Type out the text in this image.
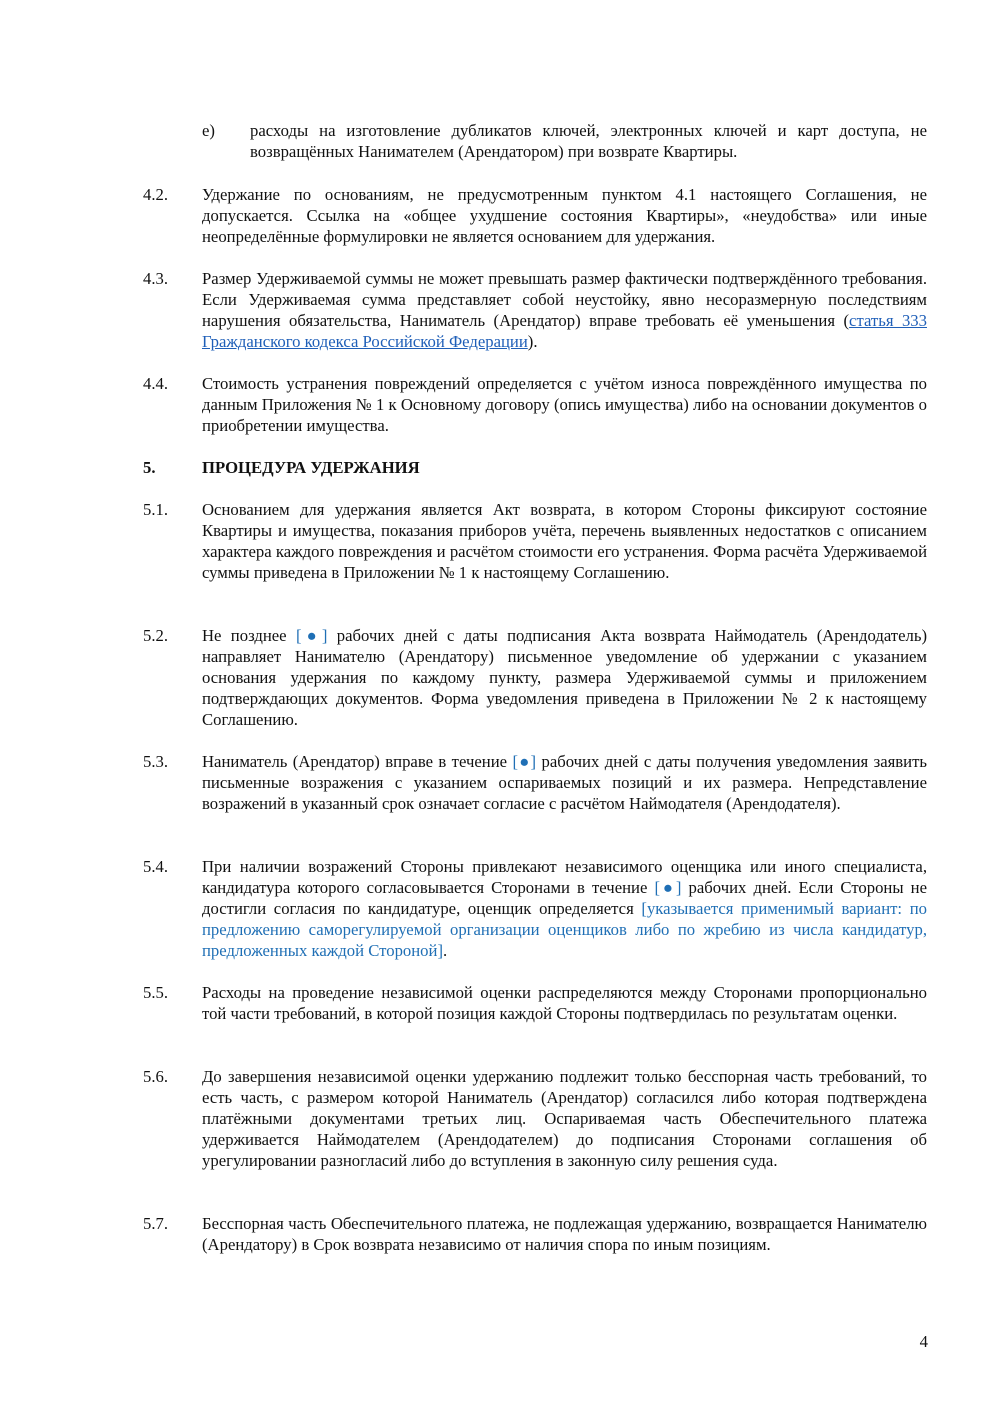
e) расходы на изготовление дубликатов ключей, электронных ключей и карт доступа, не возвращённых Нанимателем (Арендатором) при возврате Квартиры.
4.2. Удержание по основаниям, не предусмотренным пунктом 4.1 настоящего Соглашения, не допускается. Ссылка на «общее ухудшение состояния Квартиры», «неудобства» или иные неопределённые формулировки не является основанием для удержания.
4.3. Размер Удерживаемой суммы не может превышать размер фактически подтверждённого требования. Если Удерживаемая сумма представляет собой неустойку, явно несоразмерную последствиям нарушения обязательства, Наниматель (Арендатор) вправе требовать её уменьшения (статья 333 Гражданского кодекса Российской Федерации).
4.4. Стоимость устранения повреждений определяется с учётом износа повреждённого имущества по данным Приложения № 1 к Основному договору (опись имущества) либо на основании документов о приобретении имущества.
5.	ПРОЦЕДУРА УДЕРЖАНИЯ
5.1. Основанием для удержания является Акт возврата, в котором Стороны фиксируют состояние Квартиры и имущества, показания приборов учёта, перечень выявленных недостатков с описанием характера каждого повреждения и расчётом стоимости его устранения. Форма расчёта Удерживаемой суммы приведена в Приложении № 1 к настоящему Соглашению.
5.2. Не позднее [●] рабочих дней с даты подписания Акта возврата Наймодатель (Арендодатель) направляет Нанимателю (Арендатору) письменное уведомление об удержании с указанием основания удержания по каждому пункту, размера Удерживаемой суммы и приложением подтверждающих документов. Форма уведомления приведена в Приложении № 2 к настоящему Соглашению.
5.3. Наниматель (Арендатор) вправе в течение [●] рабочих дней с даты получения уведомления заявить письменные возражения с указанием оспариваемых позиций и их размера. Непредставление возражений в указанный срок означает согласие с расчётом Наймодателя (Арендодателя).
5.4. При наличии возражений Стороны привлекают независимого оценщика или иного специалиста, кандидатура которого согласовывается Сторонами в течение [●] рабочих дней. Если Стороны не достигли согласия по кандидатуре, оценщик определяется [указывается применимый вариант: по предложению саморегулируемой организации оценщиков либо по жребию из числа кандидатур, предложенных каждой Стороной].
5.5. Расходы на проведение независимой оценки распределяются между Сторонами пропорционально той части требований, в которой позиция каждой Стороны подтвердилась по результатам оценки.
5.6. До завершения независимой оценки удержанию подлежит только бесспорная часть требований, то есть часть, с размером которой Наниматель (Арендатор) согласился либо которая подтверждена платёжными документами третьих лиц. Оспариваемая часть Обеспечительного платежа удерживается Наймодателем (Арендодателем) до подписания Сторонами соглашения об урегулировании разногласий либо до вступления в законную силу решения суда.
5.7. Бесспорная часть Обеспечительного платежа, не подлежащая удержанию, возвращается Нанимателю (Арендатору) в Срок возврата независимо от наличия спора по иным позициям.
4
